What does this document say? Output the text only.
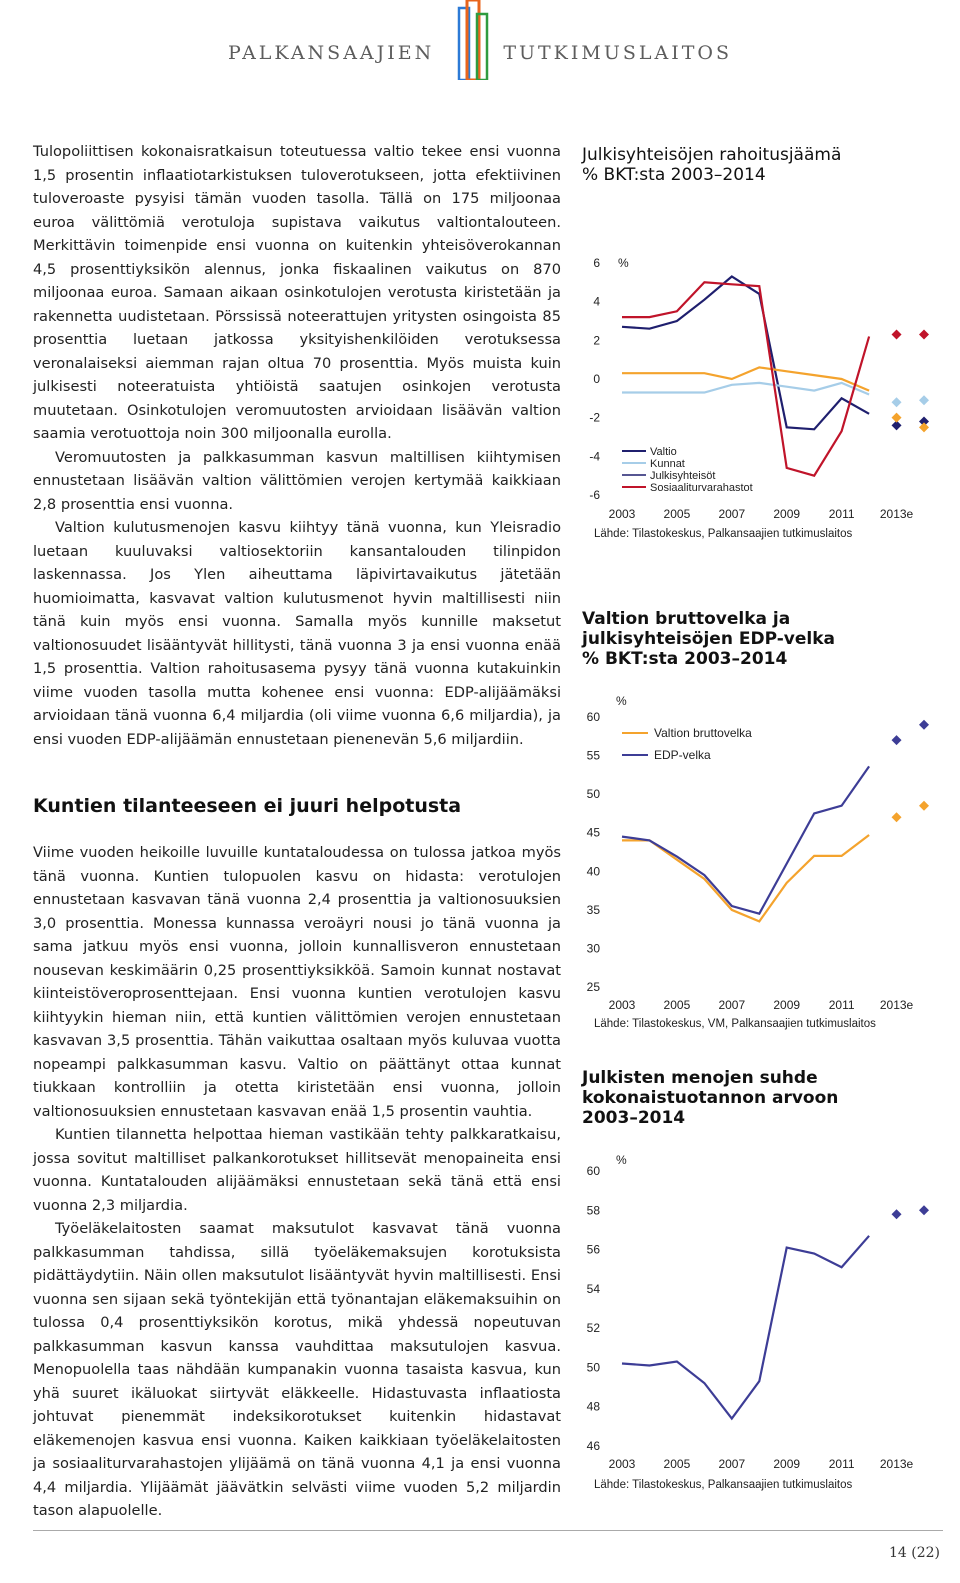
PALKANSAAJIEN	TUTKIMUSLAITOS

Tulopoliittisen kokonaisratkaisun toteutuessa valtio tekee ensi vuonna 1,5 prosentin inflaatiotarkistuksen tuloverotukseen, jotta efektiivinen tuloveroaste pysyisi tämän vuoden tasolla. Tällä on 175 miljoonaa euroa välittömiä verotuloja supistava vaikutus valtiontalouteen. Merkittävin toimenpide ensi vuonna on kuitenkin yhteisöverokannan 4,5 prosenttiyksikön alennus, jonka fiskaalinen vaikutus on 870 miljoonaa euroa. Samaan aikaan osinkotulojen verotusta kiristetään ja rakennetta uudistetaan. Pörssissä noteerattujen yritysten osingoista 85 prosenttia luetaan jatkossa yksityishenkilöiden verotuksessa veronalaiseksi aiemman rajan oltua 70 prosenttia. Myös muista kuin julkisesti noteeratuista yhtiöistä saatujen osinkojen verotusta muutetaan. Osinkotulojen veromuutosten arvioidaan lisäävän valtion saamia verotuottoja noin 300 miljoonalla eurolla.

Veromuutosten ja palkkasumman kasvun maltillisen kiihtymisen ennustetaan lisäävän valtion välittömien verojen kertymää kaikkiaan 2,8 prosenttia ensi vuonna.

Valtion kulutusmenojen kasvu kiihtyy tänä vuonna, kun Yleisradio luetaan kuuluvaksi valtiosektoriin kansantalouden tilinpidon laskennassa. Jos Ylen aiheuttama läpivirtavaikutus jätetään huomioimatta, kasvavat valtion kulutusmenot hyvin maltillisesti niin tänä kuin myös ensi vuonna. Samalla myös kunnille maksetut valtionosuudet lisääntyvät hillitysti, tänä vuonna 3 ja ensi vuonna enää 1,5 prosenttia. Valtion rahoitusasema pysyy tänä vuonna kutakuinkin viime vuoden tasolla mutta kohenee ensi vuonna: EDP-alijäämäksi arvioidaan tänä vuonna 6,4 miljardia (oli viime vuonna 6,6 miljardia), ja ensi vuoden EDP-alijäämän ennustetaan pienenevän 5,6 miljardiin.

Kuntien tilanteeseen ei juuri helpotusta

Viime vuoden heikoille luvuille kuntataloudessa on tulossa jatkoa myös tänä vuonna. Kuntien tulopuolen kasvu on hidasta: verotulojen ennustetaan kasvavan tänä vuonna 2,4 prosenttia ja valtionosuuksien 3,0 prosenttia. Monessa kunnassa veroäyri nousi jo tänä vuonna ja sama jatkuu myös ensi vuonna, jolloin kunnallisveron ennustetaan nousevan keskimäärin 0,25 prosenttiyksikköä. Samoin kunnat nostavat kiinteistöveroprosenttejaan. Ensi vuonna kuntien verotulojen kasvu kiihtyykin hieman niin, että kuntien välittömien verojen ennustetaan kasvavan 3,5 prosenttia. Tähän vaikuttaa osaltaan myös kuluvaa vuotta nopeampi palkkasumman kasvu. Valtio on päättänyt ottaa kunnat tiukkaan kontrolliin ja otetta kiristetään ensi vuonna, jolloin valtionosuuksien ennustetaan kasvavan enää 1,5 prosentin vauhtia.

Kuntien tilannetta helpottaa hieman vastikään tehty palkkaratkaisu, jossa sovitut maltilliset palkankorotukset hillitsevät menopaineita ensi vuonna. Kuntatalouden alijäämäksi ennustetaan sekä tänä että ensi vuonna 2,3 miljardia.

Työeläkelaitosten saamat maksutulot kasvavat tänä vuonna palkkasumman tahdissa, sillä työeläkemaksujen korotuksista pidättäydytiin. Näin ollen maksutulot lisääntyvät hyvin maltillisesti. Ensi vuonna sen sijaan sekä työntekijän että työnantajan eläkemaksuihin on tulossa 0,4 prosenttiyksikön korotus, mikä yhdessä nopeutuvan palkkasumman kasvun kanssa vauhdittaa maksutulojen kasvua. Menopuolella taas nähdään kumpanakin vuonna tasaista kasvua, kun yhä suuret ikäluokat siirtyvät eläkkeelle. Hidastuvasta inflaatiosta johtuvat pienemmät indeksikorotukset kuitenkin hidastavat eläkemenojen kasvua ensi vuonna. Kaiken kaikkiaan työeläkelaitosten ja sosiaaliturvarahastojen ylijäämä on tänä vuonna 4,1 ja ensi vuonna 4,4 miljardia. Ylijäämät jäävätkin selvästi viime vuoden 5,2 miljardin tason alapuolelle.

Julkisyhteisöjen rahoitusjäämä
% BKT:sta 2003–2014
%
Valtio
Kunnat
Julkisyhteisöt
Sosiaaliturvarahastot
Lähde: Tilastokeskus, Palkansaajien tutkimuslaitos
-6
-4
-2
0
2
4
6
2003 2005 2007 2009 2011 2013e
Valtion bruttovelka ja
julkisyhteisöjen EDP-velka
% BKT:sta 2003–2014
%
Valtion bruttovelka
EDP-velka
Lähde: Tilastokeskus, VM, Palkansaajien tutkimuslaitos
25
30
35
40
45
50
55
60
2003 2005 2007 2009 2011 2013e
Julkisten menojen suhde
kokonaistuotannon arvoon
2003–2014
%
Lähde: Tilastokeskus, Palkansaajien tutkimuslaitos
46
48
50
52
54
56
58
60
2003 2005 2007 2009 2011 2013e
14 (22)
